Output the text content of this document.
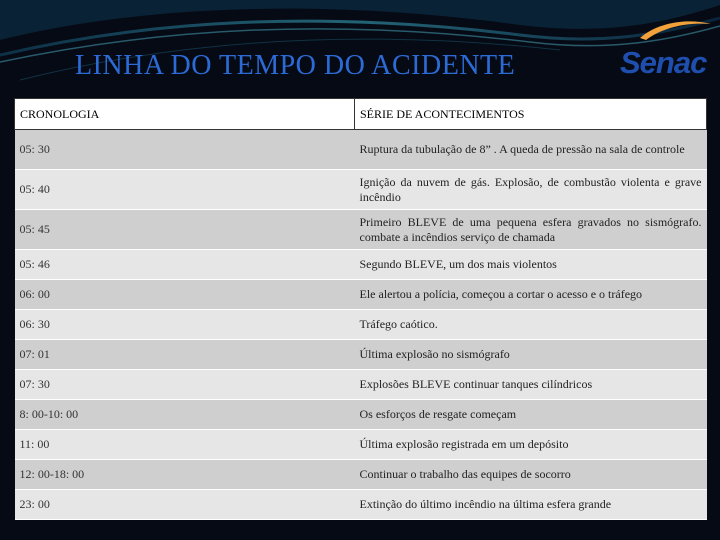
LINHA DO TEMPO DO ACIDENTE	Senac
CRONOLOGIA	SÉRIE DE ACONTECIMENTOS
05: 30	Ruptura da tubulação de 8” . A queda de pressão na sala de controle
05: 40	Ignição da nuvem de gás. Explosão, de combustão violenta e grave incêndio
05: 45	Primeiro BLEVE de uma pequena esfera gravados no sismógrafo. combate a incêndios serviço de chamada
05: 46	Segundo BLEVE, um dos mais violentos
06: 00	Ele alertou a polícia, começou a cortar o acesso e o tráfego
06: 30	Tráfego caótico.
07: 01	Última explosão no sismógrafo
07: 30	Explosões BLEVE continuar tanques cilíndricos
8: 00-10: 00	Os esforços de resgate começam
11: 00	Última explosão registrada em um depósito
12: 00-18: 00	Continuar o trabalho das equipes de socorro
23: 00	Extinção do último incêndio na última esfera grande
